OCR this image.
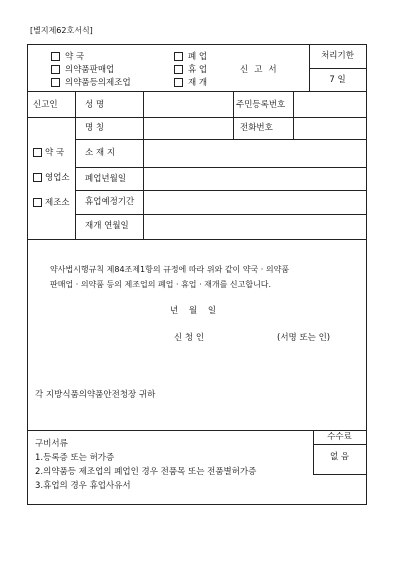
[별지제62호서식]
약 국
의약품판매업
의약품등의제조업
폐 업
휴 업
재 개
신고서
처리기한
7 일
신고인	성 명	주민등록번호
약 국
영업소
제조소
명 칭	전화번호
소 재 지
폐업년월일
휴업예정기간
재개 연월일
약사법시행규칙 제84조제1항의 규정에 따라 위와 같이 약국 · 의약품
판매업 · 의약품 등의 제조업의 폐업 · 휴업 · 재개를 신고합니다.
년 월 일
신 청 인	(서명 또는 인)
각 지방식품의약품안전청장 귀하
구비서류
1.등록증 또는 허가증
2.의약품등 제조업의 폐업인 경우 전품목 또는 전품별허가증
3.휴업의 경우 휴업사유서
수수료
없 음
